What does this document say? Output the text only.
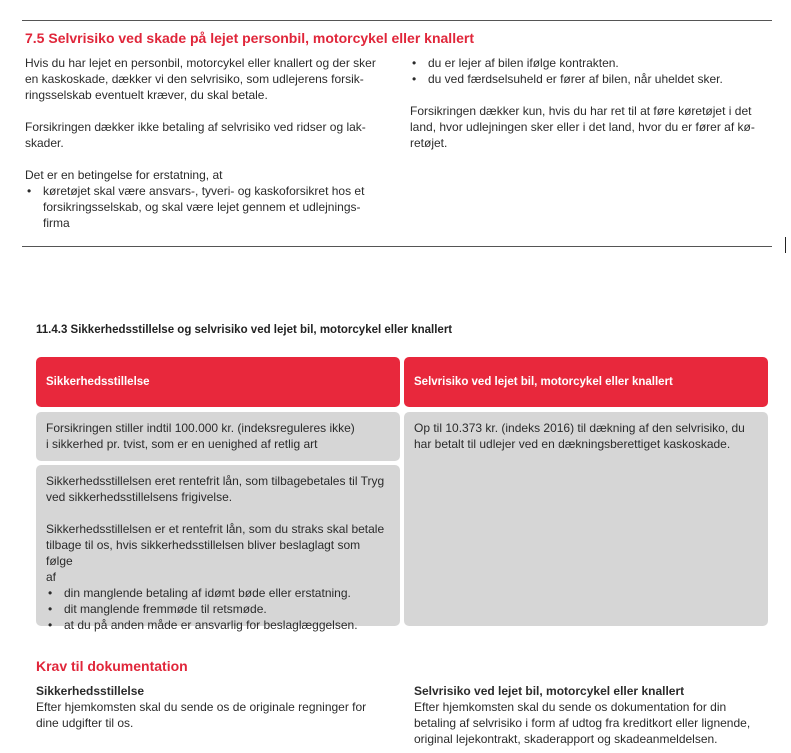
7.5 Selvrisiko ved skade på lejet personbil, motorcykel eller knallert
Hvis du har lejet en personbil, motorcykel eller knallert og der sker
en kaskoskade, dækker vi den selvrisiko, som udlejerens forsik-
ringsselskab eventuelt kræver, du skal betale.
Forsikringen dækker ikke betaling af selvrisiko ved ridser og lak-
skader.
Det er en betingelse for erstatning, at
• køretøjet skal være ansvars-, tyveri- og kaskoforsikret hos et
forsikringsselskab, og skal være lejet gennem et udlejnings-
firma
• du er lejer af bilen ifølge kontrakten.
• du ved færdselsuheld er fører af bilen, når uheldet sker.
Forsikringen dækker kun, hvis du har ret til at føre køretøjet i det
land, hvor udlejningen sker eller i det land, hvor du er fører af kø-
retøjet.
11.4.3 Sikkerhedsstillelse og selvrisiko ved lejet bil, motorcykel eller knallert
Sikkerhedsstillelse	Selvrisiko ved lejet bil, motorcykel eller knallert
Forsikringen stiller indtil 100.000 kr. (indeksreguleres ikke)
i sikkerhed pr. tvist, som er en uenighed af retlig art
Op til 10.373 kr. (indeks 2016) til dækning af den selvrisiko, du
har betalt til udlejer ved en dækningsberettiget kaskoskade.
Sikkerhedsstillelsen eret rentefrit lån, som tilbagebetales til Tryg
ved sikkerhedsstillelsens frigivelse.
Sikkerhedsstillelsen er et rentefrit lån, som du straks skal betale
tilbage til os, hvis sikkerhedsstillelsen bliver beslaglagt som følge
af
• din manglende betaling af idømt bøde eller erstatning.
• dit manglende fremmøde til retsmøde.
• at du på anden måde er ansvarlig for beslaglæggelsen.
Krav til dokumentation
Sikkerhedsstillelse
Efter hjemkomsten skal du sende os de originale regninger for
dine udgifter til os.
Selvrisiko ved lejet bil, motorcykel eller knallert
Efter hjemkomsten skal du sende os dokumentation for din
betaling af selvrisiko i form af udtog fra kreditkort eller lignende,
original lejekontrakt, skaderapport og skadeanmeldelsen.
